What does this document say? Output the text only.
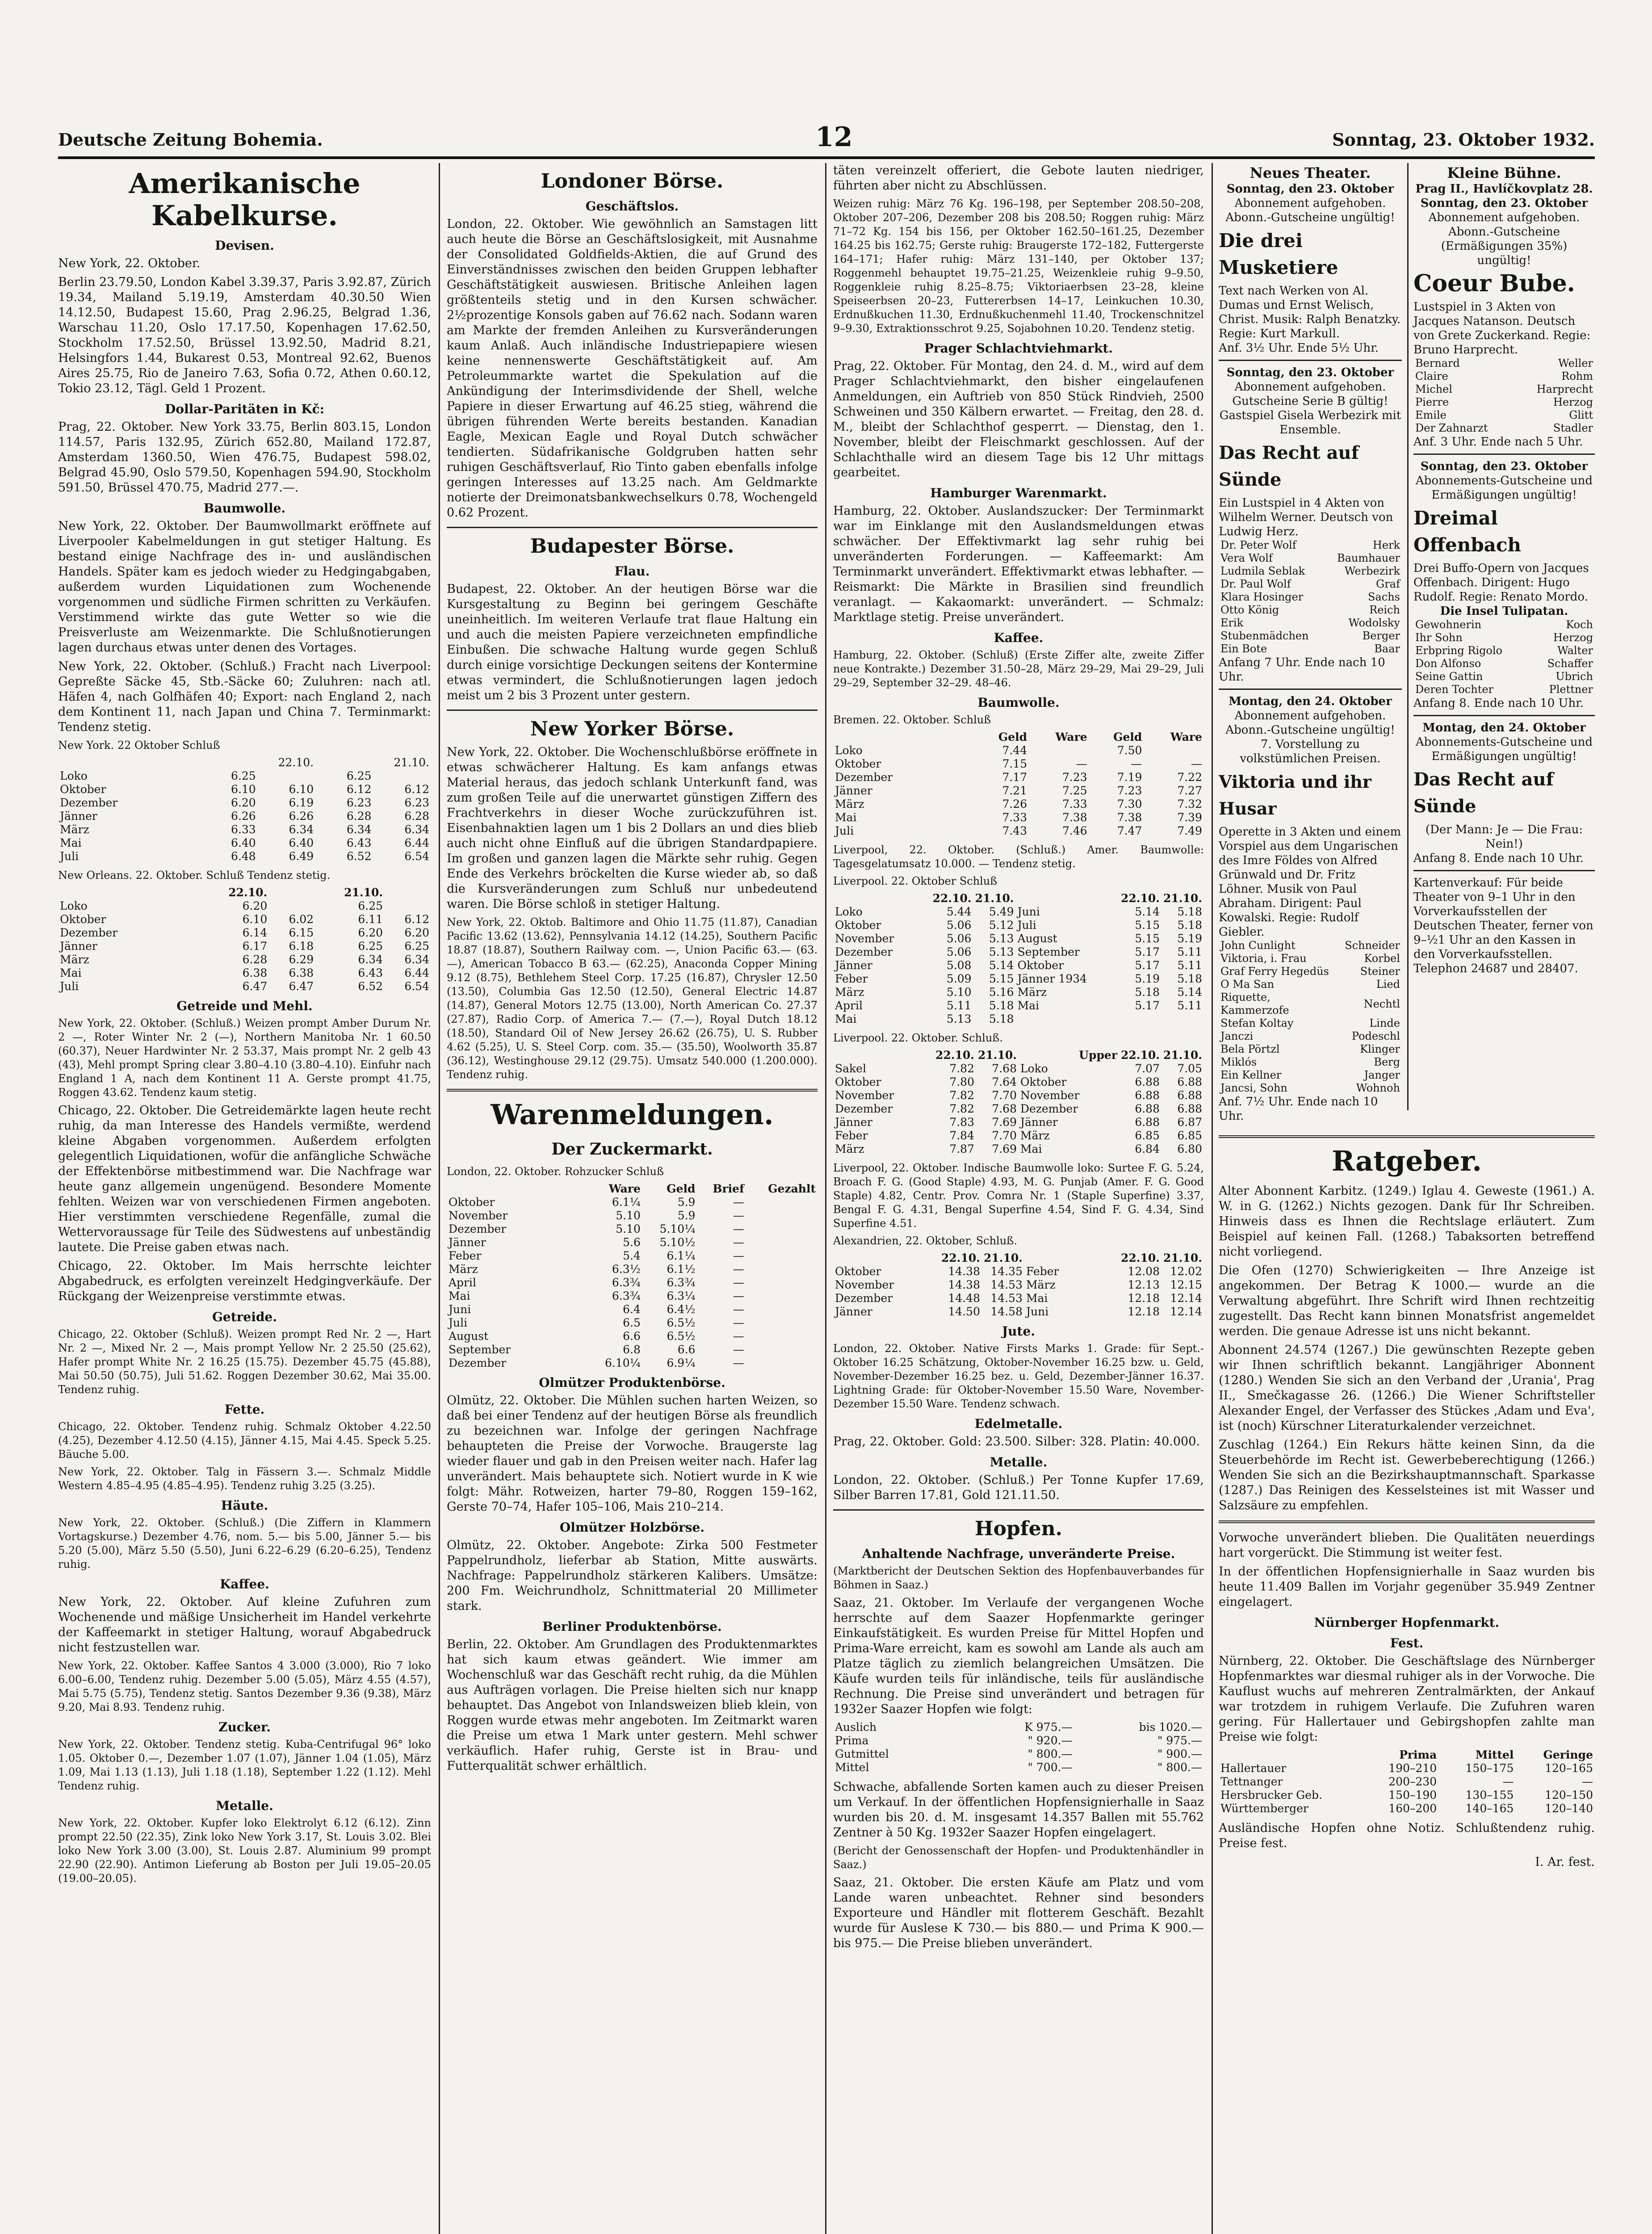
Deutsche Zeitung Bohemia.	12	Sonntag, 23. Oktober 1932.
Amerikanische Kabelkurse.
Devisen.

New York, 22. Oktober.

Berlin 23.79.50, London Kabel 3.39.37, Paris 3.92.87, Zürich 19.34, Mailand 5.19.19, Amsterdam 40.30.50 Wien 14.12.50, Budapest 15.60, Prag 2.96.25, Belgrad 1.36, Warschau 11.20, Oslo 17.17.50, Kopenhagen 17.62.50, Stockholm 17.52.50, Brüssel 13.92.50, Madrid 8.21, Helsingfors 1.44, Bukarest 0.53, Montreal 92.62, Buenos Aires 25.75, Rio de Janeiro 7.63, Sofia 0.72, Athen 0.60.12, Tokio 23.12, Tägl. Geld 1 Prozent.

Dollar-Paritäten in Kč:

Prag, 22. Oktober. New York 33.75, Berlin 803.15, London 114.57, Paris 132.95, Zürich 652.80, Mailand 172.87, Amsterdam 1360.50, Wien 476.75, Budapest 598.02, Belgrad 45.90, Oslo 579.50, Kopenhagen 594.90, Stockholm 591.50, Brüssel 470.75, Madrid 277.—.

Baumwolle.

New York, 22. Oktober. Der Baumwollmarkt eröffnete auf Liverpooler Kabelmeldungen in gut stetiger Haltung. Es bestand einige Nachfrage des in- und ausländischen Handels. Später kam es jedoch wieder zu Hedgingabgaben, außerdem wurden Liquidationen zum Wochenende vorgenommen und südliche Firmen schritten zu Verkäufen. Verstimmend wirkte das gute Wetter so wie die Preisverluste am Weizenmarkte. Die Schlußnotierungen lagen durchaus etwas unter denen des Vortages.

New York, 22. Oktober. (Schluß.) Fracht nach Liverpool: Gepreßte Säcke 45, Stb.-Säcke 60; Zuluhren: nach atl. Häfen 4, nach Golfhäfen 40; Export: nach England 2, nach dem Kontinent 11, nach Japan und China 7. Terminmarkt: Tendenz stetig.

New York. 22 Oktober Schluß

	22.10.		21.10.	
Loko	6.25		6.25	
Oktober	6.10	6.10	6.12	6.12
Dezember	6.20	6.19	6.23	6.23
Jänner	6.26	6.26	6.28	6.28
März	6.33	6.34	6.34	6.34
Mai	6.40	6.40	6.43	6.44
Juli	6.48	6.49	6.52	6.54

New Orleans. 22. Oktober. Schluß Tendenz stetig.

	22.10.		21.10.	
Loko	6.20		6.25	
Oktober	6.10	6.02	6.11	6.12
Dezember	6.14	6.15	6.20	6.20
Jänner	6.17	6.18	6.25	6.25
März	6.28	6.29	6.34	6.34
Mai	6.38	6.38	6.43	6.44
Juli	6.47	6.47	6.52	6.54
Getreide und Mehl.

New York, 22. Oktober. (Schluß.) Weizen prompt Amber Durum Nr. 2 —, Roter Winter Nr. 2 (—), Northern Manitoba Nr. 1 60.50 (60.37), Neuer Hardwinter Nr. 2 53.37, Mais prompt Nr. 2 gelb 43 (43), Mehl prompt Spring clear 3.80–4.10 (3.80–4.10). Einfuhr nach England 1 A, nach dem Kontinent 11 A. Gerste prompt 41.75, Roggen 43.62. Tendenz kaum stetig.

Chicago, 22. Oktober. Die Getreidemärkte lagen heute recht ruhig, da man Interesse des Handels vermißte, werdend kleine Abgaben vorgenommen. Außerdem erfolgten gelegentlich Liquidationen, wofür die anfängliche Schwäche der Effektenbörse mitbestimmend war. Die Nachfrage war heute ganz allgemein ungenügend. Besondere Momente fehlten. Weizen war von verschiedenen Firmen angeboten. Hier verstimmten verschiedene Regenfälle, zumal die Wettervoraussage für Teile des Südwestens auf unbeständig lautete. Die Preise gaben etwas nach.

Chicago, 22. Oktober. Im Mais herrschte leichter Abgabedruck, es erfolgten vereinzelt Hedgingverkäufe. Der Rückgang der Weizenpreise verstimmte etwas.

Getreide.

Chicago, 22. Oktober (Schluß). Weizen prompt Red Nr. 2 —, Hart Nr. 2 —, Mixed Nr. 2 —, Mais prompt Yellow Nr. 2 25.50 (25.62), Hafer prompt White Nr. 2 16.25 (15.75). Dezember 45.75 (45.88), Mai 50.50 (50.75), Juli 51.62. Roggen Dezember 30.62, Mai 35.00. Tendenz ruhig.

Fette.

Chicago, 22. Oktober. Tendenz ruhig. Schmalz Oktober 4.22.50 (4.25), Dezember 4.12.50 (4.15), Jänner 4.15, Mai 4.45. Speck 5.25. Bäuche 5.00.

New York, 22. Oktober. Talg in Fässern 3.—. Schmalz Middle Western 4.85–4.95 (4.85–4.95). Tendenz ruhig 3.25 (3.25).

Häute.

New York, 22. Oktober. (Schluß.) (Die Ziffern in Klammern Vortagskurse.) Dezember 4.76, nom. 5.— bis 5.00, Jänner 5.— bis 5.20 (5.00), März 5.50 (5.50), Juni 6.22–6.29 (6.20–6.25), Tendenz ruhig.

Kaffee.

New York, 22. Oktober. Auf kleine Zufuhren zum Wochenende und mäßige Unsicherheit im Handel verkehrte der Kaffeemarkt in stetiger Haltung, worauf Abgabedruck nicht festzustellen war.

New York, 22. Oktober. Kaffee Santos 4 3.000 (3.000), Rio 7 loko 6.00–6.00, Tendenz ruhig. Dezember 5.00 (5.05), März 4.55 (4.57), Mai 5.75 (5.75), Tendenz stetig. Santos Dezember 9.36 (9.38), März 9.20, Mai 8.93. Tendenz ruhig.

Zucker.

New York, 22. Oktober. Tendenz stetig. Kuba-Centrifugal 96° loko 1.05. Oktober 0.—, Dezember 1.07 (1.07), Jänner 1.04 (1.05), März 1.09, Mai 1.13 (1.13), Juli 1.18 (1.18), September 1.22 (1.12). Mehl Tendenz ruhig.

Metalle.

New York, 22. Oktober. Kupfer loko Elektrolyt 6.12 (6.12). Zinn prompt 22.50 (22.35), Zink loko New York 3.17, St. Louis 3.02. Blei loko New York 3.00 (3.00), St. Louis 2.87. Aluminium 99 prompt 22.90 (22.90). Antimon Lieferung ab Boston per Juli 19.05–20.05 (19.00–20.05).

Londoner Börse.
Geschäftslos.

London, 22. Oktober. Wie gewöhnlich an Samstagen litt auch heute die Börse an Geschäftslosigkeit, mit Ausnahme der Consolidated Goldfields-Aktien, die auf Grund des Einverständnisses zwischen den beiden Gruppen lebhafter Geschäftstätigkeit auswiesen. Britische Anleihen lagen größtenteils stetig und in den Kursen schwächer. 2½prozentige Konsols gaben auf 76.62 nach. Sodann waren am Markte der fremden Anleihen zu Kursveränderungen kaum Anlaß. Auch inländische Industriepapiere wiesen keine nennenswerte Geschäftstätigkeit auf. Am Petroleummarkte wartet die Spekulation auf die Ankündigung der Interimsdividende der Shell, welche Papiere in dieser Erwartung auf 46.25 stieg, während die übrigen führenden Werte bereits bestanden. Kanadian Eagle, Mexican Eagle und Royal Dutch schwächer tendierten. Südafrikanische Goldgruben hatten sehr ruhigen Geschäftsverlauf, Rio Tinto gaben ebenfalls infolge geringen Interesses auf 13.25 nach. Am Geldmarkte notierte der Dreimonatsbankwechselkurs 0.78, Wochengeld 0.62 Prozent.

Budapester Börse.
Flau.

Budapest, 22. Oktober. An der heutigen Börse war die Kursgestaltung zu Beginn bei geringem Geschäfte uneinheitlich. Im weiteren Verlaufe trat flaue Haltung ein und auch die meisten Papiere verzeichneten empfindliche Einbußen. Die schwache Haltung wurde gegen Schluß durch einige vorsichtige Deckungen seitens der Kontermine etwas vermindert, die Schlußnotierungen lagen jedoch meist um 2 bis 3 Prozent unter gestern.

New Yorker Börse.

New York, 22. Oktober. Die Wochenschlußbörse eröffnete in etwas schwächerer Haltung. Es kam anfangs etwas Material heraus, das jedoch schlank Unterkunft fand, was zum großen Teile auf die unerwartet günstigen Ziffern des Frachtverkehrs in dieser Woche zurückzuführen ist. Eisenbahnaktien lagen um 1 bis 2 Dollars an und dies blieb auch nicht ohne Einfluß auf die übrigen Standardpapiere. Im großen und ganzen lagen die Märkte sehr ruhig. Gegen Ende des Verkehrs bröckelten die Kurse wieder ab, so daß die Kursveränderungen zum Schluß nur unbedeutend waren. Die Börse schloß in stetiger Haltung.

New York, 22. Oktob. Baltimore and Ohio 11.75 (11.87), Canadian Pacific 13.62 (13.62), Pennsylvania 14.12 (14.25), Southern Pacific 18.87 (18.87), Southern Railway com. —, Union Pacific 63.— (63.—), American Tobacco B 63.— (62.25), Anaconda Copper Mining 9.12 (8.75), Bethlehem Steel Corp. 17.25 (16.87), Chrysler 12.50 (13.50), Columbia Gas 12.50 (12.50), General Electric 14.87 (14.87), General Motors 12.75 (13.00), North American Co. 27.37 (27.87), Radio Corp. of America 7.— (7.—), Royal Dutch 18.12 (18.50), Standard Oil of New Jersey 26.62 (26.75), U. S. Rubber 4.62 (5.25), U. S. Steel Corp. com. 35.— (35.50), Woolworth 35.87 (36.12), Westinghouse 29.12 (29.75). Umsatz 540.000 (1.200.000). Tendenz ruhig.

Warenmeldungen.
Der Zuckermarkt.

London, 22. Oktober. Rohzucker Schluß

	Ware	Geld	Brief	Gezahlt
Oktober	6.1¼	5.9	—	
November	5.10	5.9	—	
Dezember	5.10	5.10¼	—	
Jänner	5.6	5.10½	—	
Feber	5.4	6.1¼	—	
März	6.3½	6.1½	—	
April	6.3¾	6.3¾	—	
Mai	6.3¾	6.3¼	—	
Juni	6.4	6.4½	—	
Juli	6.5	6.5½	—	
August	6.6	6.5½	—	
September	6.8	6.6	—	
Dezember	6.10¼	6.9¼	—	
Olmützer Produktenbörse.

Olmütz, 22. Oktober. Die Mühlen suchen harten Weizen, so daß bei einer Tendenz auf der heutigen Börse als freundlich zu bezeichnen war. Infolge der geringen Nachfrage behaupteten die Preise der Vorwoche. Braugerste lag wieder flauer und gab in den Preisen weiter nach. Hafer lag unverändert. Mais behauptete sich. Notiert wurde in K wie folgt: Mähr. Rotweizen, harter 79–80, Roggen 159–162, Gerste 70–74, Hafer 105–106, Mais 210–214.

Olmützer Holzbörse.

Olmütz, 22. Oktober. Angebote: Zirka 500 Festmeter Pappelrundholz, lieferbar ab Station, Mitte auswärts. Nachfrage: Pappelrundholz stärkeren Kalibers. Umsätze: 200 Fm. Weichrundholz, Schnittmaterial 20 Millimeter stark.

Berliner Produktenbörse.

Berlin, 22. Oktober. Am Grundlagen des Produktenmarktes hat sich kaum etwas geändert. Wie immer am Wochenschluß war das Geschäft recht ruhig, da die Mühlen aus Aufträgen vorlagen. Die Preise hielten sich nur knapp behauptet. Das Angebot von Inlandsweizen blieb klein, von Roggen wurde etwas mehr angeboten. Im Zeitmarkt waren die Preise um etwa 1 Mark unter gestern. Mehl schwer verkäuflich. Hafer ruhig, Gerste ist in Brau- und Futterqualität schwer erhältlich.

täten vereinzelt offeriert, die Gebote lauten niedriger, führten aber nicht zu Abschlüssen.

Weizen ruhig: März 76 Kg. 196–198, per September 208.50–208, Oktober 207–206, Dezember 208 bis 208.50; Roggen ruhig: März 71–72 Kg. 154 bis 156, per Oktober 162.50–161.25, Dezember 164.25 bis 162.75; Gerste ruhig: Braugerste 172–182, Futtergerste 164–171; Hafer ruhig: März 131–140, per Oktober 137; Roggenmehl behauptet 19.75–21.25, Weizenkleie ruhig 9–9.50, Roggenkleie ruhig 8.25–8.75; Viktoriaerbsen 23–28, kleine Speiseerbsen 20–23, Futtererbsen 14–17, Leinkuchen 10.30, Erdnußkuchen 11.30, Erdnußkuchenmehl 11.40, Trockenschnitzel 9–9.30, Extraktionsschrot 9.25, Sojabohnen 10.20. Tendenz stetig.

Prager Schlachtviehmarkt.

Prag, 22. Oktober. Für Montag, den 24. d. M., wird auf dem Prager Schlachtviehmarkt, den bisher eingelaufenen Anmeldungen, ein Auftrieb von 850 Stück Rindvieh, 2500 Schweinen und 350 Kälbern erwartet. — Freitag, den 28. d. M., bleibt der Schlachthof gesperrt. — Dienstag, den 1. November, bleibt der Fleischmarkt geschlossen. Auf der Schlachthalle wird an diesem Tage bis 12 Uhr mittags gearbeitet.

Hamburger Warenmarkt.

Hamburg, 22. Oktober. Auslandszucker: Der Terminmarkt war im Einklange mit den Auslandsmeldungen etwas schwächer. Der Effektivmarkt lag sehr ruhig bei unveränderten Forderungen. — Kaffeemarkt: Am Terminmarkt unverändert. Effektivmarkt etwas lebhafter. — Reismarkt: Die Märkte in Brasilien sind freundlich veranlagt. — Kakaomarkt: unverändert. — Schmalz: Marktlage stetig. Preise unverändert.

Kaffee.

Hamburg, 22. Oktober. (Schluß) (Erste Ziffer alte, zweite Ziffer neue Kontrakte.) Dezember 31.50–28, März 29–29, Mai 29–29, Juli 29–29, September 32–29. 48–46.

Baumwolle.

Bremen. 22. Oktober. Schluß

	Geld	Ware	Geld	Ware
Loko	7.44		7.50	
Oktober	7.15	—	—	—
Dezember	7.17	7.23	7.19	7.22
Jänner	7.21	7.25	7.23	7.27
März	7.26	7.33	7.30	7.32
Mai	7.33	7.38	7.38	7.39
Juli	7.43	7.46	7.47	7.49

Liverpool, 22. Oktober. (Schluß.) Amer. Baumwolle: Tagesgelatumsatz 10.000. — Tendenz stetig.

Liverpool. 22. Oktober Schluß

	22.10.	21.10.		22.10.	21.10.
Loko	5.44	5.49	Juni	5.14	5.18
Oktober	5.06	5.12	Juli	5.15	5.18
November	5.06	5.13	August	5.15	5.19
Dezember	5.06	5.13	September	5.17	5.11
Jänner	5.08	5.14	Oktober	5.17	5.11
Feber	5.09	5.15	Jänner 1934	5.19	5.18
März	5.10	5.16	März	5.18	5.14
April	5.11	5.18	Mai	5.17	5.11
Mai	5.13	5.18			

Liverpool. 22. Oktober. Schluß.

	22.10.	21.10.	Upper	22.10.	21.10.
Sakel	7.82	7.68	Loko	7.07	7.05
Oktober	7.80	7.64	Oktober	6.88	6.88
November	7.82	7.70	November	6.88	6.88
Dezember	7.82	7.68	Dezember	6.88	6.88
Jänner	7.83	7.69	Jänner	6.88	6.87
Feber	7.84	7.70	März	6.85	6.85
März	7.87	7.69	Mai	6.84	6.80

Liverpool, 22. Oktober. Indische Baumwolle loko: Surtee F. G. 5.24, Broach F. G. (Good Staple) 4.93, M. G. Punjab (Amer. F. G. Good Staple) 4.82, Centr. Prov. Comra Nr. 1 (Staple Superfine) 3.37, Bengal F. G. 4.31, Bengal Superfine 4.54, Sind F. G. 4.34, Sind Superfine 4.51.

Alexandrien, 22. Oktober, Schluß.

	22.10.	21.10.		22.10.	21.10.
Oktober	14.38	14.35	Feber	12.08	12.02
November	14.38	14.53	März	12.13	12.15
Dezember	14.48	14.53	Mai	12.18	12.14
Jänner	14.50	14.58	Juni	12.18	12.14
Jute.

London, 22. Oktober. Native Firsts Marks 1. Grade: für Sept.-Oktober 16.25 Schätzung, Oktober-November 16.25 bzw. u. Geld, November-Dezember 16.25 bez. u. Geld, Dezember-Jänner 16.37. Lightning Grade: für Oktober-November 15.50 Ware, November-Dezember 15.50 Ware. Tendenz schwach.

Edelmetalle.

Prag, 22. Oktober. Gold: 23.500. Silber: 328. Platin: 40.000.

Metalle.

London, 22. Oktober. (Schluß.) Per Tonne Kupfer 17.69, Silber Barren 17.81, Gold 121.11.50.

Hopfen.
Anhaltende Nachfrage, unveränderte Preise.

(Marktbericht der Deutschen Sektion des Hopfenbauverbandes für Böhmen in Saaz.)

Saaz, 21. Oktober. Im Verlaufe der vergangenen Woche herrschte auf dem Saazer Hopfenmarkte geringer Einkaufstätigkeit. Es wurden Preise für Mittel Hopfen und Prima-Ware erreicht, kam es sowohl am Lande als auch am Platze täglich zu ziemlich belangreichen Umsätzen. Die Käufe wurden teils für inländische, teils für ausländische Rechnung. Die Preise sind unverändert und betragen für 1932er Saazer Hopfen wie folgt:

Auslich	K 975.—	bis 1020.—
Prima	" 920.—	" 975.—
Gutmittel	" 800.—	" 900.—
Mittel	" 700.—	" 800.—

Schwache, abfallende Sorten kamen auch zu dieser Preisen um Verkauf. In der öffentlichen Hopfensignierhalle in Saaz wurden bis 20. d. M. insgesamt 14.357 Ballen mit 55.762 Zentner à 50 Kg. 1932er Saazer Hopfen eingelagert.

(Bericht der Genossenschaft der Hopfen- und Produktenhändler in Saaz.)

Saaz, 21. Oktober. Die ersten Käufe am Platz und vom Lande waren unbeachtet. Rehner sind besonders Exporteure und Händler mit flotterem Geschäft. Bezahlt wurde für Auslese K 730.— bis 880.— und Prima K 900.— bis 975.— Die Preise blieben unverändert.

Neues Theater.
Sonntag, den 23. Oktober
Abonnement aufgehoben. Abonn.-Gutscheine ungültig!
Die drei Musketiere
Text nach Werken von Al. Dumas und Ernst Welisch, Christ. Musik: Ralph Benatzky. Regie: Kurt Markull.
Anf. 3½ Uhr. Ende 5½ Uhr.
Sonntag, den 23. Oktober
Abonnement aufgehoben. Gutscheine Serie B gültig! Gastspiel Gisela Werbezirk mit Ensemble.
Das Recht auf Sünde
Ein Lustspiel in 4 Akten von Wilhelm Werner. Deutsch von Ludwig Herz.
Dr. Peter Wolf	Herk
Vera Wolf	Baumhauer
Ludmila Seblak	Werbezirk
Dr. Paul Wolf	Graf
Klara Hosinger	Sachs
Otto König	Reich
Erik	Wodolsky
Stubenmädchen	Berger
Ein Bote	Baar
Anfang 7 Uhr. Ende nach 10 Uhr.
Montag, den 24. Oktober
Abonnement aufgehoben. Abonn.-Gutscheine ungültig! 7. Vorstellung zu volkstümlichen Preisen.
Viktoria und ihr Husar
Operette in 3 Akten und einem Vorspiel aus dem Ungarischen des Imre Földes von Alfred Grünwald und Dr. Fritz Löhner. Musik von Paul Abraham. Dirigent: Paul Kowalski. Regie: Rudolf Giebler.
John Cunlight	Schneider
Viktoria, i. Frau	Korbel
Graf Ferry Hegedüs	Steiner
O Ma San	Lied
Riquette, Kammerzofe	Nechtl
Stefan Koltay	Linde
Janczi	Podeschl
Bela Pörtzl	Klinger
Miklós	Berg
Ein Kellner	Janger
Jancsi, Sohn	Wohnoh
Anf. 7½ Uhr. Ende nach 10 Uhr.
Kleine Bühne.
Prag II., Havlíčkovplatz 28.
Sonntag, den 23. Oktober
Abonnement aufgehoben. Abonn.-Gutscheine (Ermäßigungen 35%) ungültig!
Coeur Bube.
Lustspiel in 3 Akten von Jacques Natanson. Deutsch von Grete Zuckerkand. Regie: Bruno Harprecht.
Bernard	Weller
Claire	Rohm
Michel	Harprecht
Pierre	Herzog
Emile	Glitt
Der Zahnarzt	Stadler
Anf. 3 Uhr. Ende nach 5 Uhr.
Sonntag, den 23. Oktober
Abonnements-Gutscheine und Ermäßigungen ungültig!
Dreimal Offenbach
Drei Buffo-Opern von Jacques Offenbach. Dirigent: Hugo Rudolf. Regie: Renato Mordo.
Die Insel Tulipatan.
Gewohnerin	Koch
Ihr Sohn	Herzog
Erbpring Rigolo	Walter
Don Alfonso	Schaffer
Seine Gattin	Ubrich
Deren Tochter	Plettner
Anfang 8. Ende nach 10 Uhr.
Montag, den 24. Oktober
Abonnements-Gutscheine und Ermäßigungen ungültig!
Das Recht auf Sünde
(Der Mann: Je — Die Frau: Nein!)
Anfang 8. Ende nach 10 Uhr.
Kartenverkauf: Für beide Theater von 9–1 Uhr in den Vorverkaufsstellen der Deutschen Theater, ferner von 9–½1 Uhr an den Kassen in den Vorverkaufsstellen. Telephon 24687 und 28407.
Ratgeber.

Alter Abonnent Karbitz. (1249.) Iglau 4. Geweste (1961.) A. W. in G. (1262.) Nichts gezogen. Dank für Ihr Schreiben. Hinweis dass es Ihnen die Rechtslage erläutert. Zum Beispiel auf keinen Fall. (1268.) Tabaksorten betreffend nicht vorliegend.

Die Ofen (1270) Schwierigkeiten — Ihre Anzeige ist angekommen. Der Betrag K 1000.— wurde an die Verwaltung abgeführt. Ihre Schrift wird Ihnen rechtzeitig zugestellt. Das Recht kann binnen Monatsfrist angemeldet werden. Die genaue Adresse ist uns nicht bekannt.

Abonnent 24.574 (1267.) Die gewünschten Rezepte geben wir Ihnen schriftlich bekannt. Langjähriger Abonnent (1280.) Wenden Sie sich an den Verband der ,Urania', Prag II., Smečkagasse 26. (1266.) Die Wiener Schriftsteller Alexander Engel, der Verfasser des Stückes ,Adam und Eva', ist (noch) Kürschner Literaturkalender verzeichnet.

Zuschlag (1264.) Ein Rekurs hätte keinen Sinn, da die Steuerbehörde im Recht ist. Gewerbeberechtigung (1266.) Wenden Sie sich an die Bezirkshauptmannschaft. Sparkasse (1287.) Das Reinigen des Kesselsteines ist mit Wasser und Salzsäure zu empfehlen.

Vorwoche unverändert blieben. Die Qualitäten neuerdings hart vorgerückt. Die Stimmung ist weiter fest.

In der öffentlichen Hopfensignierhalle in Saaz wurden bis heute 11.409 Ballen im Vorjahr gegenüber 35.949 Zentner eingelagert.

Nürnberger Hopfenmarkt.
Fest.

Nürnberg, 22. Oktober. Die Geschäftslage des Nürnberger Hopfenmarktes war diesmal ruhiger als in der Vorwoche. Die Kauflust wuchs auf mehreren Zentralmärkten, der Ankauf war trotzdem in ruhigem Verlaufe. Die Zufuhren waren gering. Für Hallertauer und Gebirgshopfen zahlte man Preise wie folgt:

	Prima	Mittel	Geringe
Hallertauer	190–210	150–175	120–165
Tettnanger	200–230	—	—
Hersbrucker Geb.	150–190	130–155	120–150
Württemberger	160–200	140–165	120–140

Ausländische Hopfen ohne Notiz. Schlußtendenz ruhig. Preise fest.

I. Ar. fest.
